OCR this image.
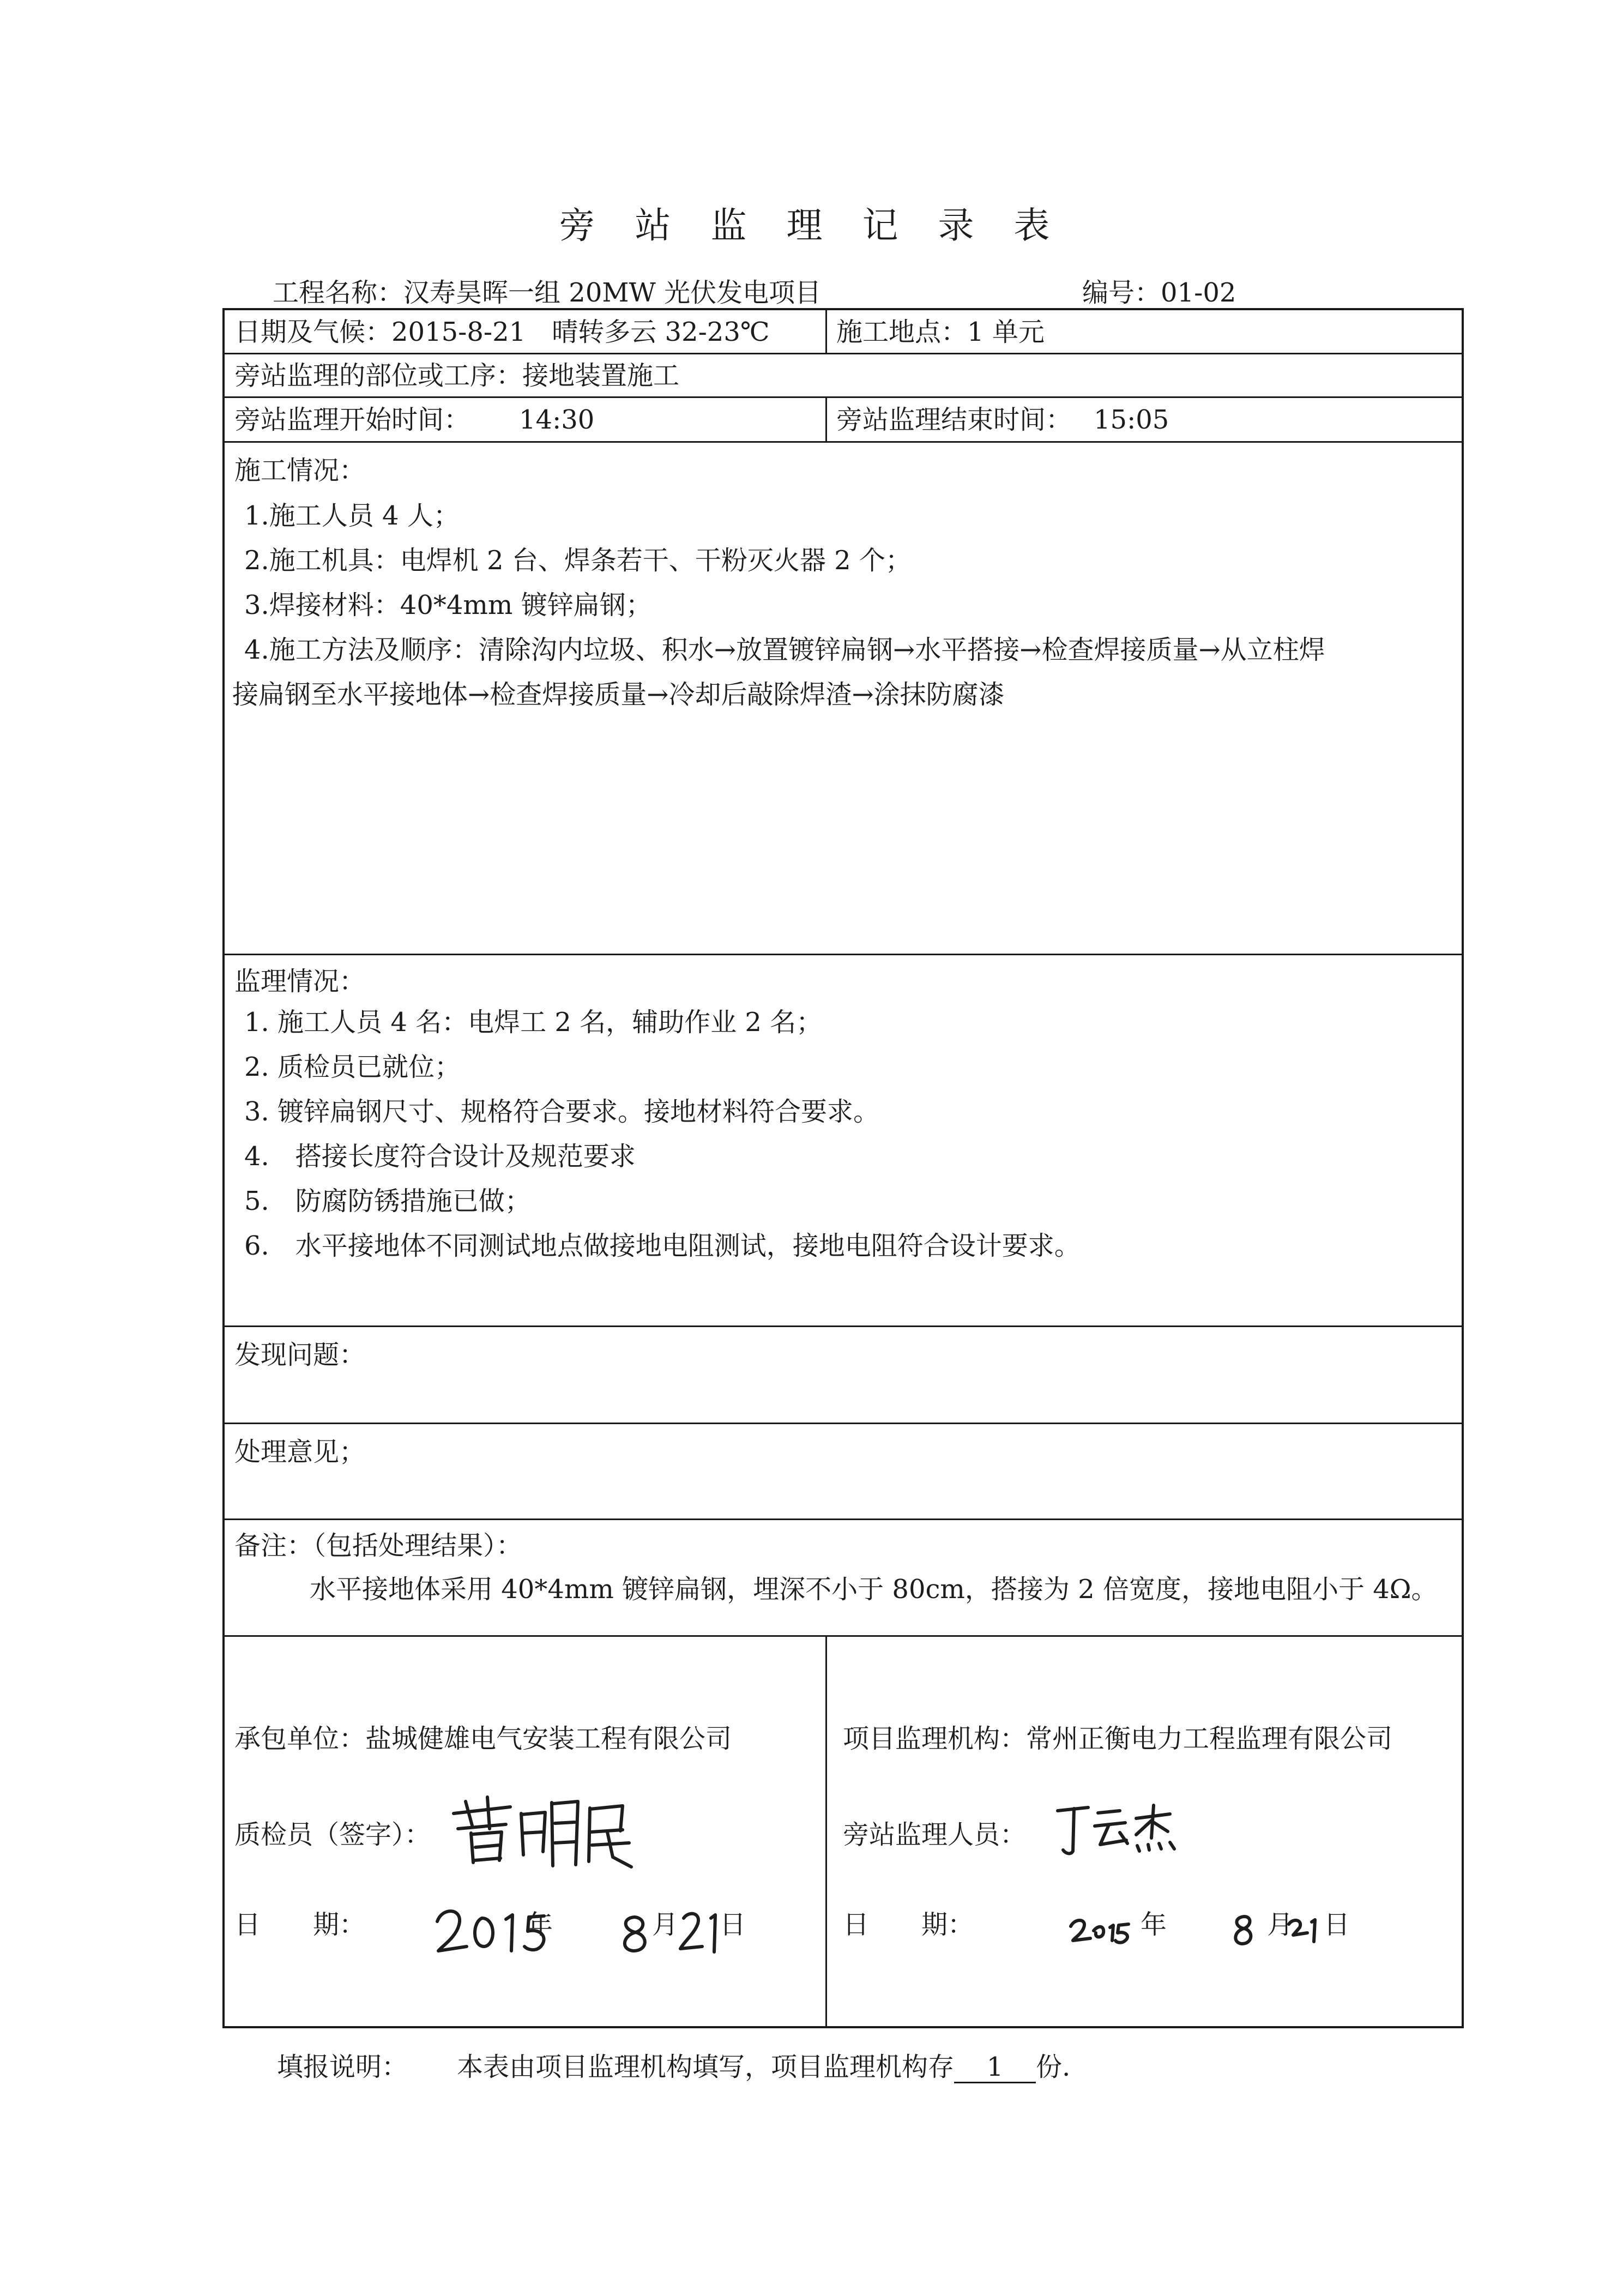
旁 站 监 理 记 录 表
工程名称：汉寿昊晖一组 20MW 光伏发电项目	编号：01-02
日期及气候：2015-8-21　晴转多云 32-23℃	施工地点：1 单元
旁站监理的部位或工序：接地装置施工
旁站监理开始时间： 14:30	旁站监理结束时间： 15:05
施工情况：
1.施工人员 4 人；
2.施工机具：电焊机 2 台、焊条若干、干粉灭火器 2 个；
3.焊接材料：40*4mm 镀锌扁钢；
4.施工方法及顺序：清除沟内垃圾、积水→放置镀锌扁钢→水平搭接→检查焊接质量→从立柱焊
接扁钢至水平接地体→检查焊接质量→冷却后敲除焊渣→涂抹防腐漆
监理情况：
1. 施工人员 4 名：电焊工 2 名，辅助作业 2 名；
2. 质检员已就位；
3. 镀锌扁钢尺寸、规格符合要求。接地材料符合要求。
4.　搭接长度符合设计及规范要求
5.　防腐防锈措施已做；
6.　水平接地体不同测试地点做接地电阻测试，接地电阻符合设计要求。
发现问题：
处理意见；
备注：（包括处理结果）：
水平接地体采用 40*4mm 镀锌扁钢，埋深不小于 80cm，搭接为 2 倍宽度，接地电阻小于 4Ω。
承包单位：盐城健雄电气安装工程有限公司
质检员（签字）：
日　　期：	年	月 日
项目监理机构：常州正衡电力工程监理有限公司
旁站监理人员：
日　　期：	年	月 日
填报说明： 本表由项目监理机构填写，项目监理机构存 1 份.
